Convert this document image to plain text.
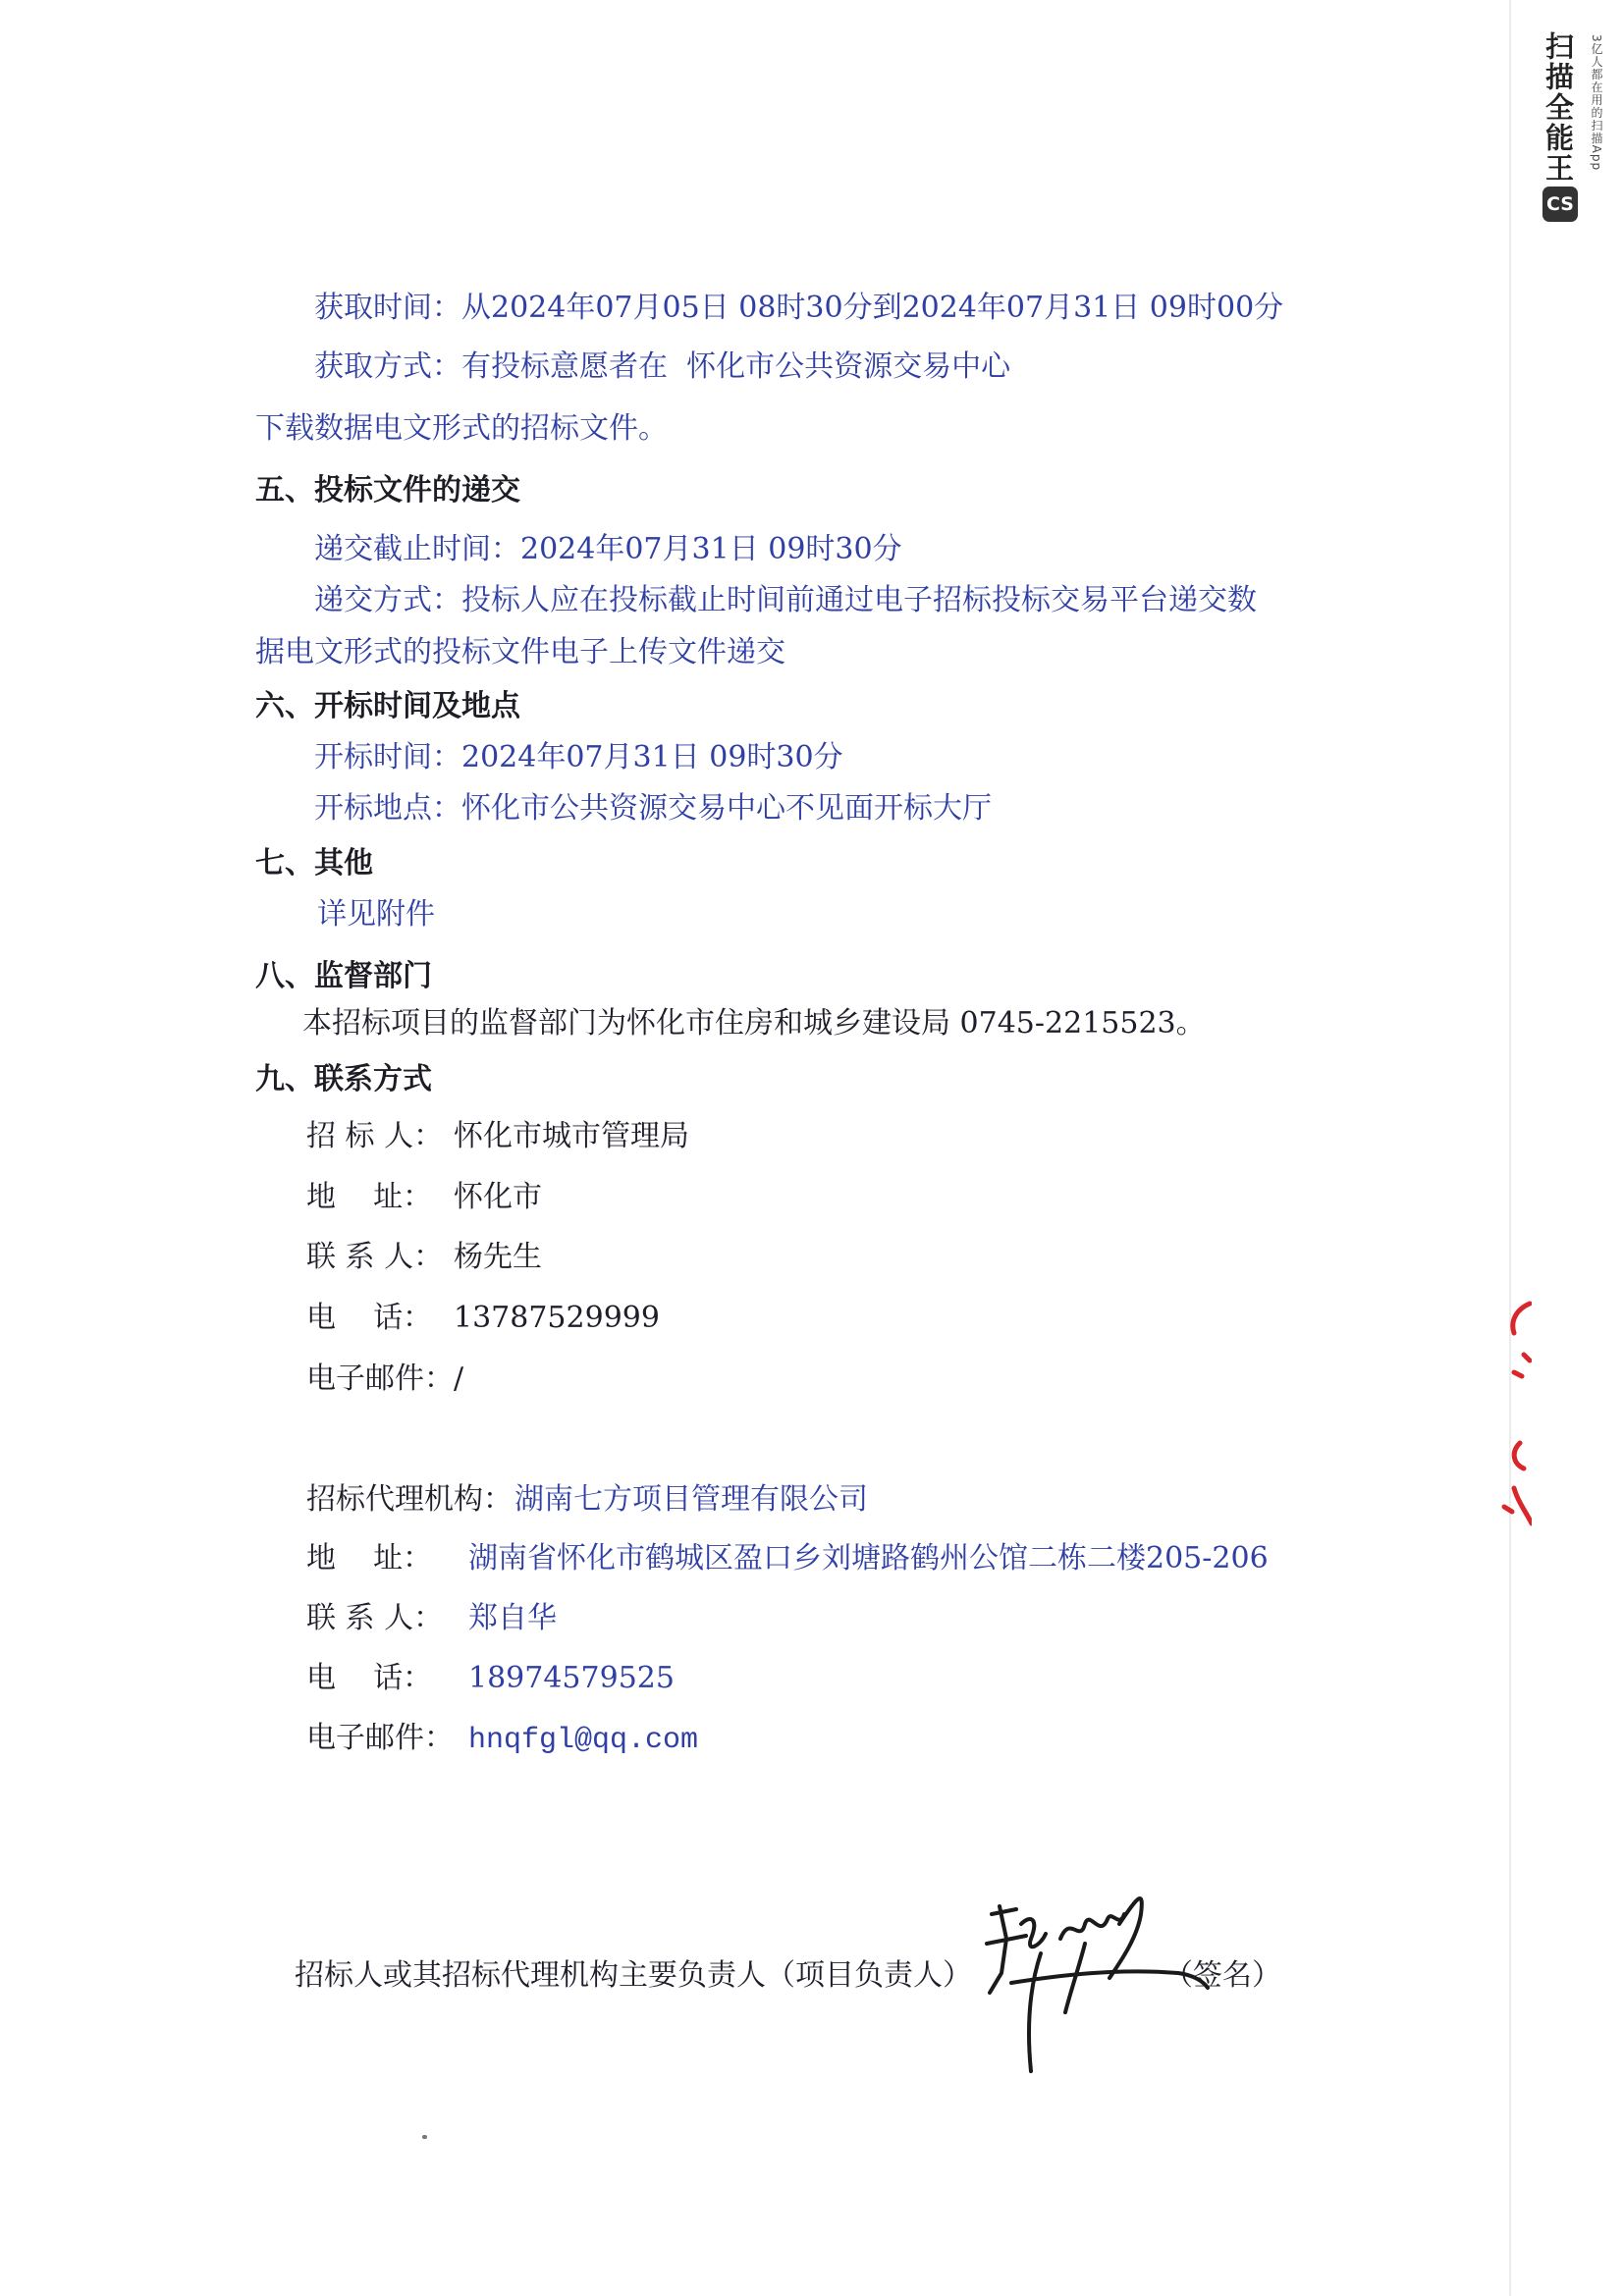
扫描全能王	3亿人都在用的扫描App
CS
获取时间：从2024年07月05日 08时30分到2024年07月31日 09时00分
获取方式：有投标意愿者在  怀化市公共资源交易中心
下载数据电文形式的招标文件。
五、投标文件的递交
递交截止时间：2024年07月31日 09时30分
递交方式：投标人应在投标截止时间前通过电子招标投标交易平台递交数
据电文形式的投标文件电子上传文件递交
六、开标时间及地点
开标时间：2024年07月31日 09时30分
开标地点：怀化市公共资源交易中心不见面开标大厅
七、其他
详见附件
八、监督部门
本招标项目的监督部门为怀化市住房和城乡建设局 0745-2215523。
九、联系方式
招 标 人： 怀化市城市管理局
地    址： 怀化市
联 系 人： 杨先生
电    话： 13787529999
电子邮件：/
招标代理机构：湖南七方项目管理有限公司
地    址： 湖南省怀化市鹤城区盈口乡刘塘路鹤州公馆二栋二楼205-206
联 系 人： 郑自华
电    话： 18974579525
电子邮件： hnqfgl@qq.com
招标人或其招标代理机构主要负责人（项目负责人）	（签名）
